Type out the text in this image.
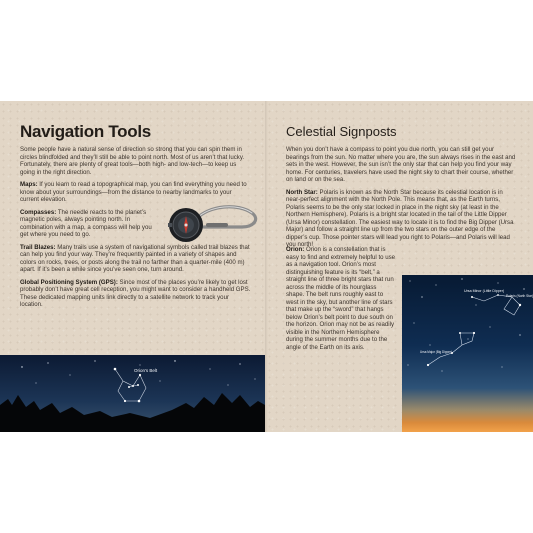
Navigation Tools

Some people have a natural sense of direction so strong that you can spin them in circles blindfolded and they’ll still be able to point north. Most of us aren’t that lucky. Fortunately, there are plenty of great tools—both high- and low-tech—to keep us going in the right direction.

Maps: If you learn to read a topographical map, you can find everything you need to know about your surroundings—from the distance to nearby landmarks to your current elevation.

Compasses: The needle reacts to the planet’s magnetic poles, always pointing north. In combination with a map, a compass will help you get where you need to go.

Trail Blazes: Many trails use a system of navigational symbols called trail blazes that can help you find your way. They’re frequently painted in a variety of shapes and colors on rocks, trees, or posts along the trail no farther than a quarter-mile (400 m) apart. If it’s been a while since you’ve seen one, turn around.

Global Positioning System (GPS): Since most of the places you’re likely to get lost probably don’t have great cell reception, you might want to consider a handheld GPS. These dedicated mapping units link directly to a satellite network to track your location.

Orion’s Belt
Celestial Signposts

When you don’t have a compass to point you due north, you can still get your bearings from the sun. No matter where you are, the sun always rises in the east and sets in the west. However, the sun isn’t the only star that can help you find your way home. For centuries, travelers have used the night sky to chart their course, whether on land or on the sea.

North Star: Polaris is known as the North Star because its celestial location is in near-perfect alignment with the North Pole. This means that, as the Earth turns, Polaris seems to be the only star locked in place in the night sky (at least in the Northern Hemisphere). Polaris is a bright star located in the tail of the Little Dipper (Ursa Minor) constellation. The easiest way to locate it is to find the Big Dipper (Ursa Major) and follow a straight line up from the two stars on the outer edge of the dipper’s cup. Those pointer stars will lead you right to Polaris—and Polaris will lead you north!

Orion: Orion is a constellation that is easy to find and extremely helpful to use as a navigation tool. Orion’s most distinguishing feature is its “belt,” a straight line of three bright stars that run across the middle of its hourglass shape. The belt runs roughly east to west in the sky, but another line of stars that make up the “sword” that hangs below Orion’s belt point to due south on the horizon. Orion may not be as readily visible in the Northern Hemisphere during the summer months due to the angle of the Earth on its axis.

Ursa Minor (Little Dipper)
Polaris (North Star)
Ursa Major (Big Dipper)
